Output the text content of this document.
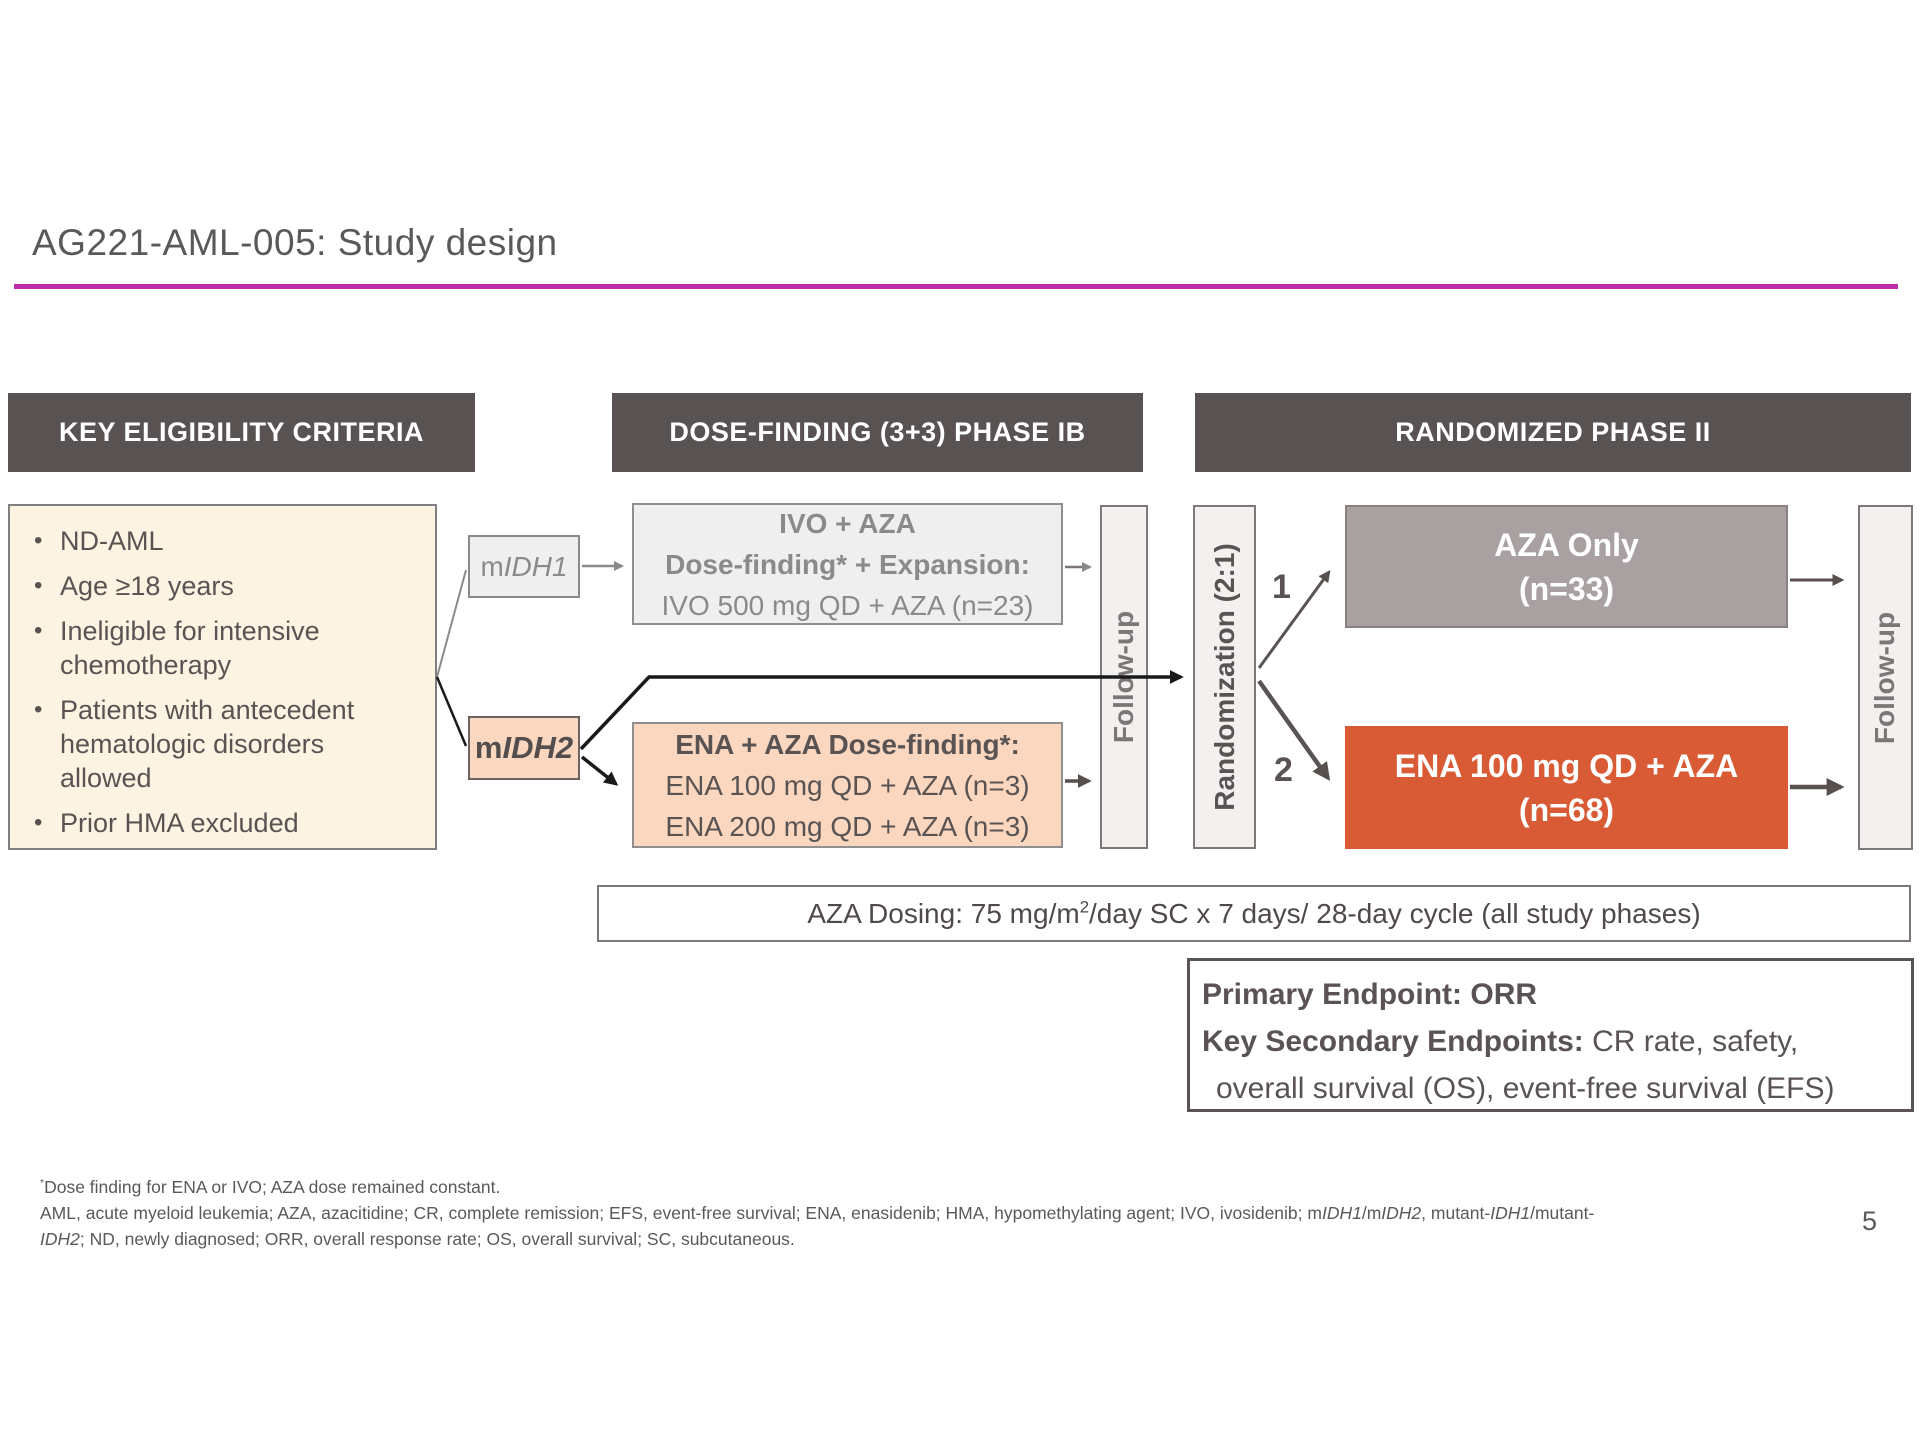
AG221-AML-005: Study design
KEY ELIGIBILITY CRITERIA	DOSE-FINDING (3+3) PHASE IB	RANDOMIZED PHASE II
• ND-AML
• Age ≥18 years
• Ineligible for intensive chemotherapy
• Patients with antecedent hematologic disorders allowed
• Prior HMA excluded
mIDH1
mIDH2
IVO + AZA
Dose-finding* + Expansion:
IVO 500 mg QD + AZA (n=23)
ENA + AZA Dose-finding*:
ENA 100 mg QD + AZA (n=3)
ENA 200 mg QD + AZA (n=3)
Follow-up Randomization (2:1) 1
2
AZA Only
(n=33)
ENA 100 mg QD + AZA
(n=68)
Follow-up
AZA Dosing: 75 $mg/m^2$/day SC x 7 days/ 28-day cycle (all study phases)
Primary Endpoint: ORR
Key Secondary Endpoints: CR rate, safety,
overall survival (OS), event-free survival (EFS)
*Dose finding for ENA or IVO; AZA dose remained constant.
AML, acute myeloid leukemia; AZA, azacitidine; CR, complete remission; EFS, event-free survival; ENA, enasidenib; HMA, hypomethylating agent; IVO, ivosidenib; mIDH1/mIDH2, mutant-IDH1/mutant-
IDH2; ND, newly diagnosed; ORR, overall response rate; OS, overall survival; SC, subcutaneous.
5
